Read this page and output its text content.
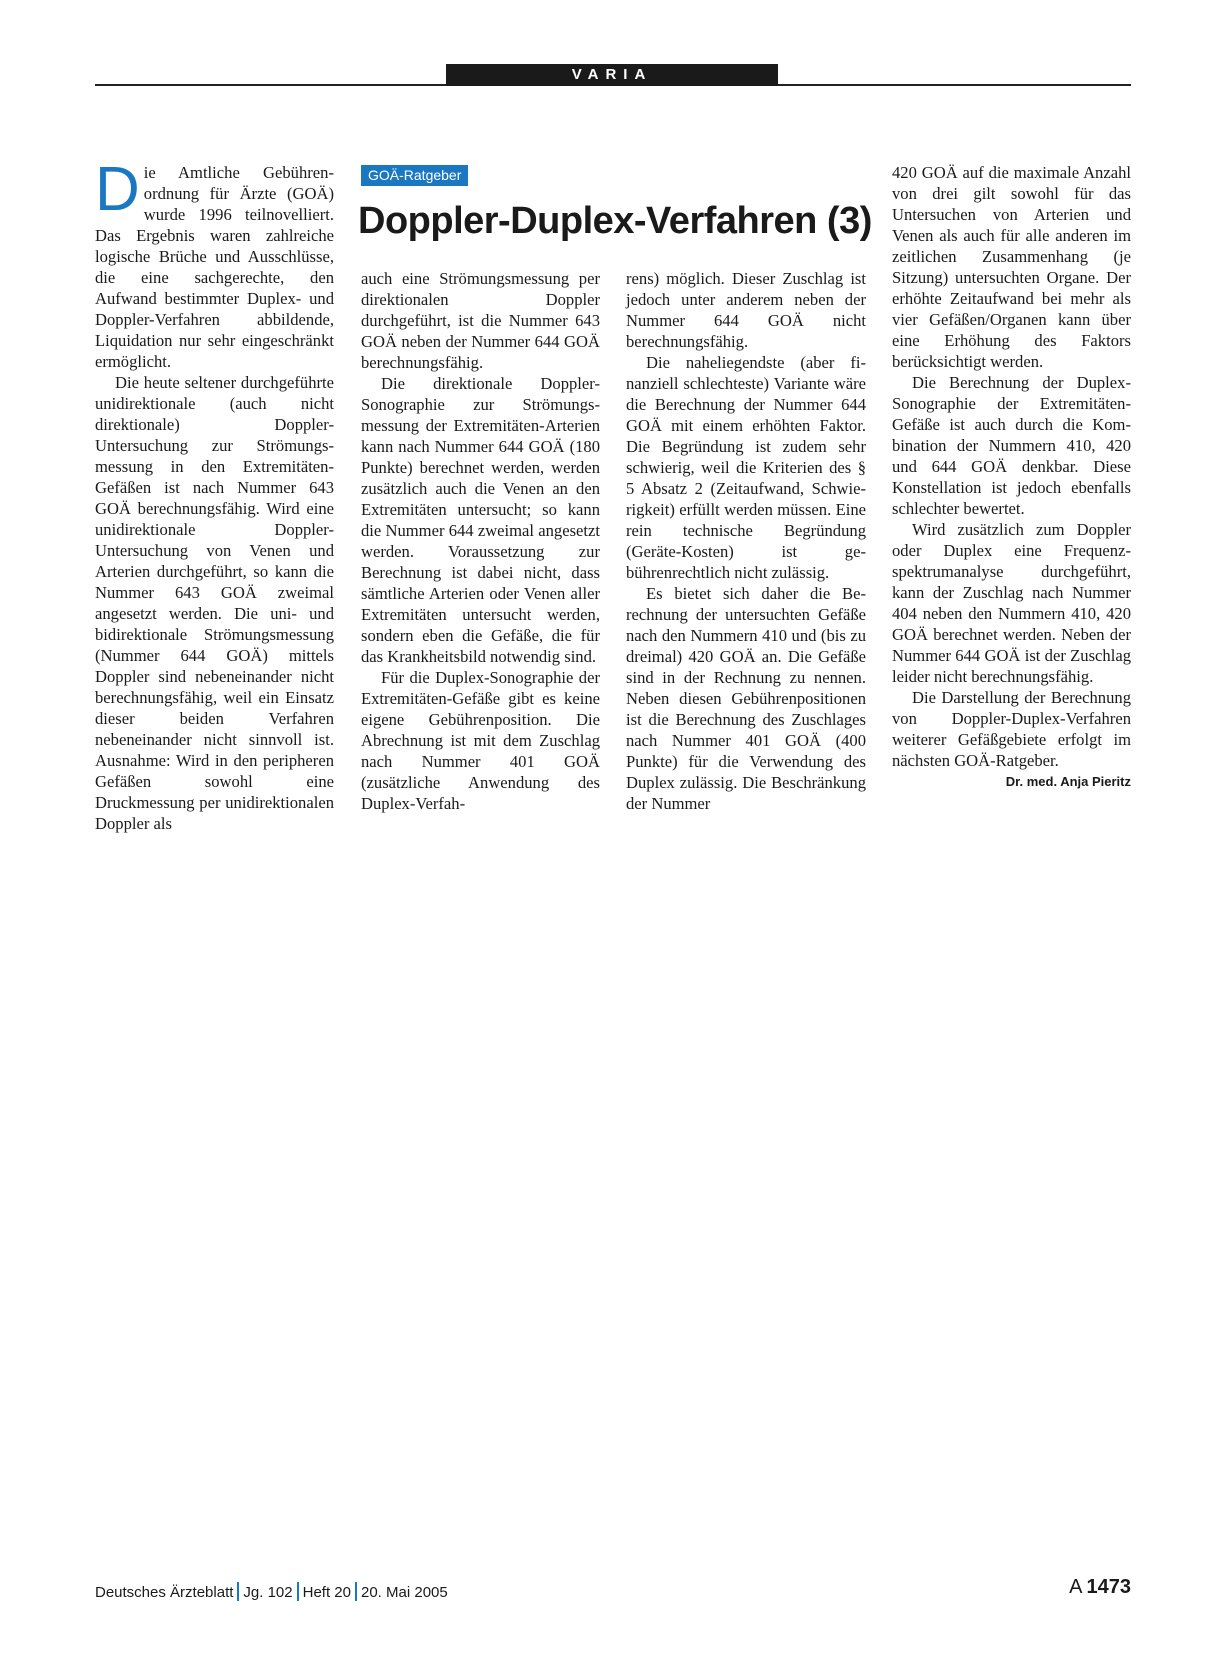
VARIA

Die Amtliche Gebührenordnung für Ärzte (GOÄ) wurde 1996 teilnovelliert. Das Ergebnis waren zahlreiche logische Brüche und Ausschlüsse, die eine sachgerechte, den Aufwand bestimmter Duplex- und Doppler-Verfahren abbildende, Liquidation nur sehr eingeschränkt ermöglicht.

Die heute seltener durchgeführte unidirektionale (auch nicht direktionale) Doppler-Untersuchung zur Strömungsmessung in den Extremitäten-Gefäßen ist nach Nummer 643 GOÄ berechnungsfähig. Wird eine unidirektionale Doppler-Untersuchung von Venen und Arterien durchgeführt, so kann die Nummer 643 GOÄ zweimal angesetzt werden. Die uni- und bidirektionale Strömungsmessung (Nummer 644 GOÄ) mittels Doppler sind nebeneinander nicht berechnungsfähig, weil ein Einsatz dieser beiden Verfahren nebeneinander nicht sinnvoll ist. Ausnahme: Wird in den peripheren Gefäßen sowohl eine Druckmessung per unidirektionalen Doppler als

GOÄ-Ratgeber
Doppler-Duplex-Verfahren (3)

auch eine Strömungsmessung per direktionalen Doppler durchgeführt, ist die Nummer 643 GOÄ neben der Nummer 644 GOÄ berechnungsfähig.

Die direktionale Doppler-Sonographie zur Strömungsmessung der Extremitäten-Arterien kann nach Nummer 644 GOÄ (180 Punkte) berechnet werden, werden zusätzlich auch die Venen an den Extremitäten untersucht; so kann die Nummer 644 zweimal angesetzt werden. Voraussetzung zur Berechnung ist dabei nicht, dass sämtliche Arterien oder Venen aller Extremitäten untersucht werden, sondern eben die Gefäße, die für das Krankheitsbild notwendig sind.

Für die Duplex-Sonographie der Extremitäten-Gefäße gibt es keine eigene Gebührenposition. Die Abrechnung ist mit dem Zuschlag nach Nummer 401 GOÄ (zusätzliche Anwendung des Duplex-Verfah-

rens) möglich. Dieser Zuschlag ist jedoch unter anderem neben der Nummer 644 GOÄ nicht berechnungsfähig.

Die naheliegendste (aber finanziell schlechteste) Variante wäre die Berechnung der Nummer 644 GOÄ mit einem erhöhten Faktor. Die Begründung ist zudem sehr schwierig, weil die Kriterien des § 5 Absatz 2 (Zeitaufwand, Schwierigkeit) erfüllt werden müssen. Eine rein technische Begründung (Geräte-Kosten) ist gebührenrechtlich nicht zulässig.

Es bietet sich daher die Berechnung der untersuchten Gefäße nach den Nummern 410 und (bis zu dreimal) 420 GOÄ an. Die Gefäße sind in der Rechnung zu nennen. Neben diesen Gebührenpositionen ist die Berechnung des Zuschlages nach Nummer 401 GOÄ (400 Punkte) für die Verwendung des Duplex zulässig. Die Beschränkung der Nummer

420 GOÄ auf die maximale Anzahl von drei gilt sowohl für das Untersuchen von Arterien und Venen als auch für alle anderen im zeitlichen Zusammenhang (je Sitzung) untersuchten Organe. Der erhöhte Zeitaufwand bei mehr als vier Gefäßen/Organen kann über eine Erhöhung des Faktors berücksichtigt werden.

Die Berechnung der Duplex-Sonographie der Extremitäten-Gefäße ist auch durch die Kombination der Nummern 410, 420 und 644 GOÄ denkbar. Diese Konstellation ist jedoch ebenfalls schlechter bewertet.

Wird zusätzlich zum Doppler oder Duplex eine Frequenzspektrumanalyse durchgeführt, kann der Zuschlag nach Nummer 404 neben den Nummern 410, 420 GOÄ berechnet werden. Neben der Nummer 644 GOÄ ist der Zuschlag leider nicht berechnungsfähig.

Die Darstellung der Berechnung von Doppler-Duplex-Verfahren weiterer Gefäßgebiete erfolgt im nächsten GOÄ-Ratgeber.

Dr. med. Anja Pieritz

Deutsches Ärzteblatt Jg. 102 Heft 20 20. Mai 2005	A 1473
